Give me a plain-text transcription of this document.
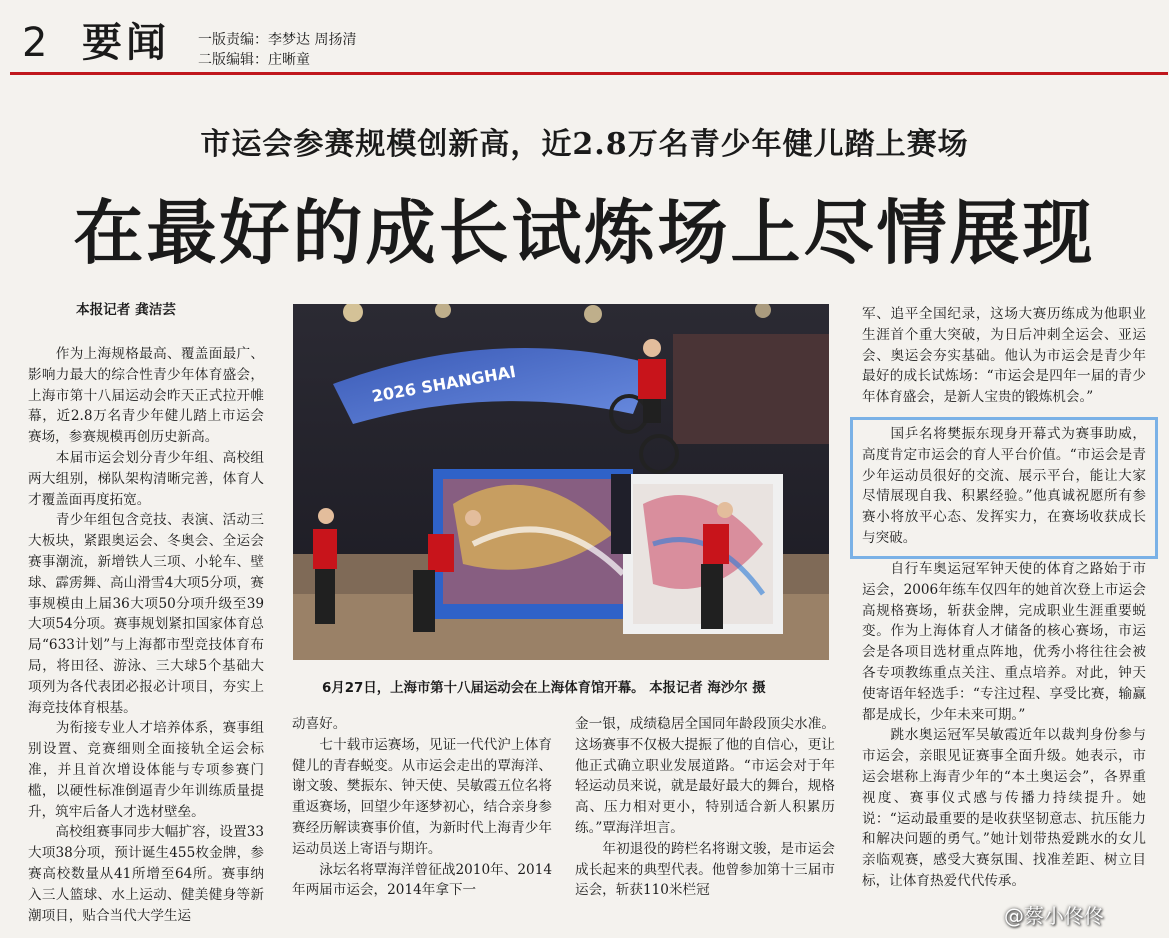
2 要闻 一版责编：李梦达 周扬清
二版编辑：庄晰童
市运会参赛规模创新高，近2.8万名青少年健儿踏上赛场
在最好的成长试炼场上尽情展现
本报记者 龚洁芸
　　作为上海规格最高、覆盖面最广、影响力最大的综合性青少年体育盛会，上海市第十八届运动会昨天正式拉开帷幕，近2.8万名青少年健儿踏上市运会赛场，参赛规模再创历史新高。
　　本届市运会划分青少年组、高校组两大组别，梯队架构清晰完善，体育人才覆盖面再度拓宽。
　　青少年组包含竞技、表演、活动三大板块，紧跟奥运会、冬奥会、全运会赛事潮流，新增铁人三项、小轮车、壁球、霹雳舞、高山滑雪4大项5分项，赛事规模由上届36大项50分项升级至39大项54分项。赛事规划紧扣国家体育总局“633计划”与上海都市型竞技体育布局，将田径、游泳、三大球5个基础大项列为各代表团必报必计项目，夯实上海竞技体育根基。
　　为衔接专业人才培养体系，赛事组别设置、竞赛细则全面接轨全运会标准，并且首次增设体能与专项参赛门槛，以硬性标准倒逼青少年训练质量提升，筑牢后备人才选材壁垒。
　　高校组赛事同步大幅扩容，设置33大项38分项，预计诞生455枚金牌，参赛高校数量从41所增至64所。赛事纳入三人篮球、水上运动、健美健身等新潮项目，贴合当代大学生运
2026 SHANGHAI
6月27日，上海市第十八届运动会在上海体育馆开幕。 本报记者 海沙尔 摄
动喜好。
　　七十载市运赛场，见证一代代沪上体育健儿的青春蜕变。从市运会走出的覃海洋、谢文骏、樊振东、钟天使、吴敏霞五位名将重返赛场，回望少年逐梦初心，结合亲身参赛经历解读赛事价值，为新时代上海青少年运动员送上寄语与期许。
　　泳坛名将覃海洋曾征战2010年、2014年两届市运会，2014年拿下一
金一银，成绩稳居全国同年龄段顶尖水准。这场赛事不仅极大提振了他的自信心，更让他正式确立职业发展道路。“市运会对于年轻运动员来说，就是最好最大的舞台，规格高、压力相对更小，特别适合新人积累历练。”覃海洋坦言。
　　年初退役的跨栏名将谢文骏，是市运会成长起来的典型代表。他曾参加第十三届市运会，斩获110米栏冠
军、追平全国纪录，这场大赛历练成为他职业生涯首个重大突破，为日后冲刺全运会、亚运会、奥运会夯实基础。他认为市运会是青少年最好的成长试炼场：“市运会是四年一届的青少年体育盛会，是新人宝贵的锻炼机会。”
　　国乒名将樊振东现身开幕式为赛事助威，高度肯定市运会的育人平台价值。“市运会是青少年运动员很好的交流、展示平台，能让大家尽情展现自我、积累经验。”他真诚祝愿所有参赛小将放平心态、发挥实力，在赛场收获成长与突破。
　　自行车奥运冠军钟天使的体育之路始于市运会，2006年练车仅四年的她首次登上市运会高规格赛场，斩获金牌，完成职业生涯重要蜕变。作为上海体育人才储备的核心赛场，市运会是各项目选材重点阵地，优秀小将往往会被各专项教练重点关注、重点培养。对此，钟天使寄语年轻选手：“专注过程、享受比赛，输赢都是成长，少年未来可期。”
　　跳水奥运冠军吴敏霞近年以裁判身份参与市运会，亲眼见证赛事全面升级。她表示，市运会堪称上海青少年的“本土奥运会”，各界重视度、赛事仪式感与传播力持续提升。她说：“运动最重要的是收获坚韧意志、抗压能力和解决问题的勇气。”她计划带热爱跳水的女儿亲临观赛，感受大赛氛围、找准差距、树立目标，让体育热爱代代传承。
@蔡小佟佟
